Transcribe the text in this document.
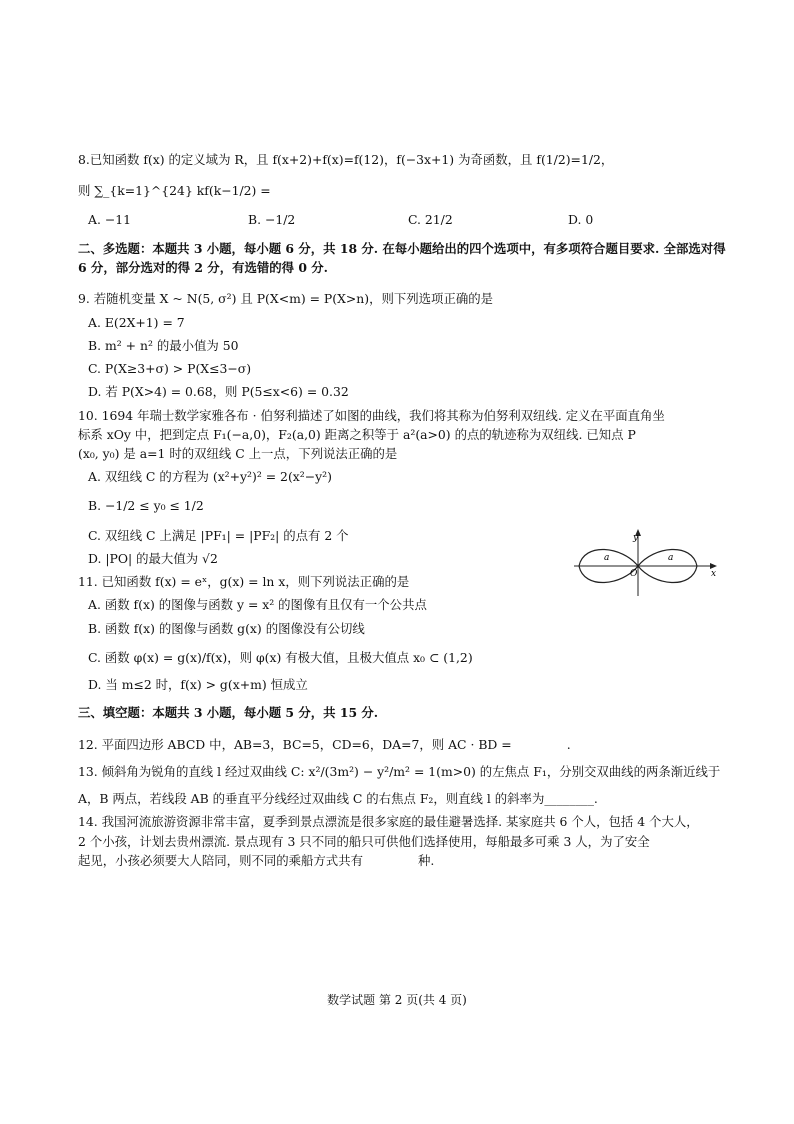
8.已知函数 f(x) 的定义域为 R，且 f(x+2)+f(x)=f(12)，f(−3x+1) 为奇函数，且 f(1/2)=1/2，

则 ∑_{k=1}^{24} kf(k−1/2) =

A. −11	B. −1/2	C. 21/2	D. 0

二、多选题：本题共 3 小题，每小题 6 分，共 18 分. 在每小题给出的四个选项中，有多项符合题目要求. 全部选对得 6 分，部分选对的得 2 分，有选错的得 0 分.

9. 若随机变量 X ~ N(5, σ²) 且 P(X<m) = P(X>n)，则下列选项正确的是

A. E(2X+1) = 7

B. m² + n² 的最小值为 50

C. P(X≥3+σ) > P(X≤3−σ)

D. 若 P(X>4) = 0.68，则 P(5≤x<6) = 0.32

10. 1694 年瑞士数学家雅各布 · 伯努利描述了如图的曲线，我们将其称为伯努利双纽线. 定义在平面直角坐

标系 xOy 中，把到定点 F₁(−a,0)，F₂(a,0) 距离之积等于 a²(a>0) 的点的轨迹称为双纽线. 已知点 P

(x₀, y₀) 是 a=1 时的双纽线 C 上一点，下列说法正确的是

A. 双纽线 C 的方程为 (x²+y²)² = 2(x²−y²)

B. −1/2 ≤ y₀ ≤ 1/2

C. 双纽线 C 上满足 |PF₁| = |PF₂| 的点有 2 个

D. |PO| 的最大值为 √2

11. 已知函数 f(x) = eˣ，g(x) = ln x，则下列说法正确的是

A. 函数 f(x) 的图像与函数 y = x² 的图像有且仅有一个公共点

B. 函数 f(x) 的图像与函数 g(x) 的图像没有公切线

C. 函数 φ(x) = g(x)/f(x)，则 φ(x) 有极大值，且极大值点 x₀ ⊂ (1,2)

D. 当 m≤2 时，f(x) > g(x+m) 恒成立

三、填空题：本题共 3 小题，每小题 5 分，共 15 分.

12. 平面四边形 ABCD 中，AB=3，BC=5，CD=6，DA=7，则 AC · BD =	.

13. 倾斜角为锐角的直线 l 经过双曲线 C: x²/(3m²) − y²/m² = 1(m>0) 的左焦点 F₁，分别交双曲线的两条渐近线于

A，B 两点，若线段 AB 的垂直平分线经过双曲线 C 的右焦点 F₂，则直线 l 的斜率为________.

14. 我国河流旅游资源非常丰富，夏季到景点漂流是很多家庭的最佳避暑选择. 某家庭共 6 个人，包括 4 个大人，

2 个小孩，计划去贵州漂流. 景点现有 3 只不同的船只可供他们选择使用，每船最多可乘 3 人，为了安全

起见，小孩必须要大人陪同，则不同的乘船方式共有	种.

y
x
O
a	a
数学试题 第 2 页(共 4 页)
